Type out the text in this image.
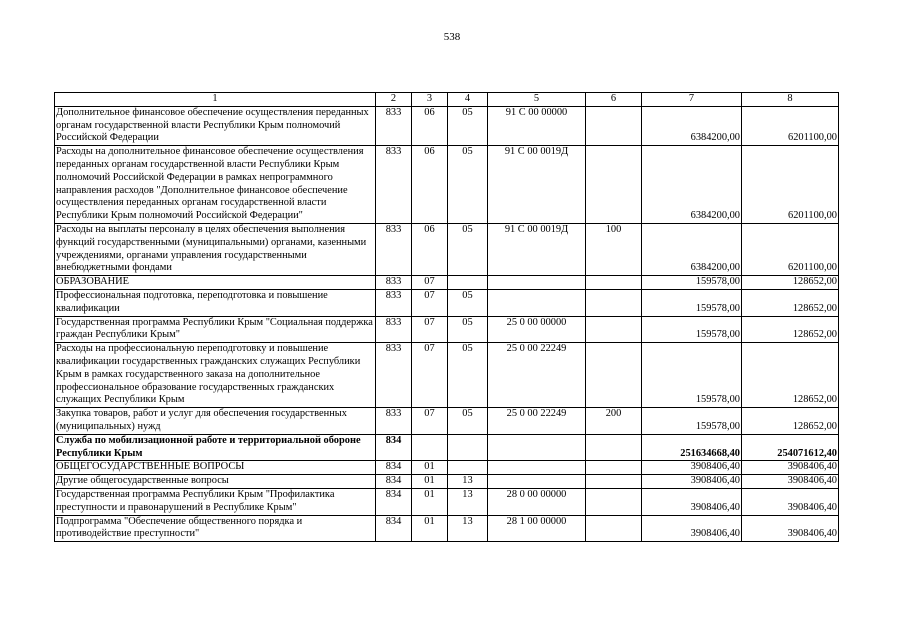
538
1	2	3	4	5	6	7	8
Дополнительное финансовое обеспечение осуществления переданных органам государственной власти Республики Крым полномочий Российской Федерации	833	06	05	91 С 00 00000		6384200,00	6201100,00
Расходы на дополнительное финансовое обеспечение осуществления переданных органам государственной власти Республики Крым полномочий Российской Федерации в рамках непрограммного направления расходов "Дополнительное финансовое обеспечение осуществления переданных органам государственной власти Республики Крым полномочий Российской Федерации"	833	06	05	91 С 00 0019Д		6384200,00	6201100,00
Расходы на выплаты персоналу в целях обеспечения выполнения функций государственными (муниципальными) органами, казенными учреждениями, органами управления государственными внебюджетными фондами	833	06	05	91 С 00 0019Д	100	6384200,00	6201100,00
ОБРАЗОВАНИЕ	833	07				159578,00	128652,00
Профессиональная подготовка, переподготовка и повышение квалификации	833	07	05			159578,00	128652,00
Государственная программа Республики Крым "Социальная поддержка граждан Республики Крым"	833	07	05	25 0 00 00000		159578,00	128652,00
Расходы на профессиональную переподготовку и повышение квалификации государственных гражданских служащих Республики Крым в рамках государственного заказа на дополнительное профессиональное образование государственных гражданских служащих Республики Крым	833	07	05	25 0 00 22249		159578,00	128652,00
Закупка товаров, работ и услуг для обеспечения государственных (муниципальных) нужд	833	07	05	25 0 00 22249	200	159578,00	128652,00
Служба по мобилизационной работе и территориальной обороне Республики Крым	834					251634668,40	254071612,40
ОБЩЕГОСУДАРСТВЕННЫЕ ВОПРОСЫ	834	01				3908406,40	3908406,40
Другие общегосударственные вопросы	834	01	13			3908406,40	3908406,40
Государственная программа Республики Крым "Профилактика преступности и правонарушений в Республике Крым"	834	01	13	28 0 00 00000		3908406,40	3908406,40
Подпрограмма "Обеспечение общественного порядка и противодействие преступности"	834	01	13	28 1 00 00000		3908406,40	3908406,40
